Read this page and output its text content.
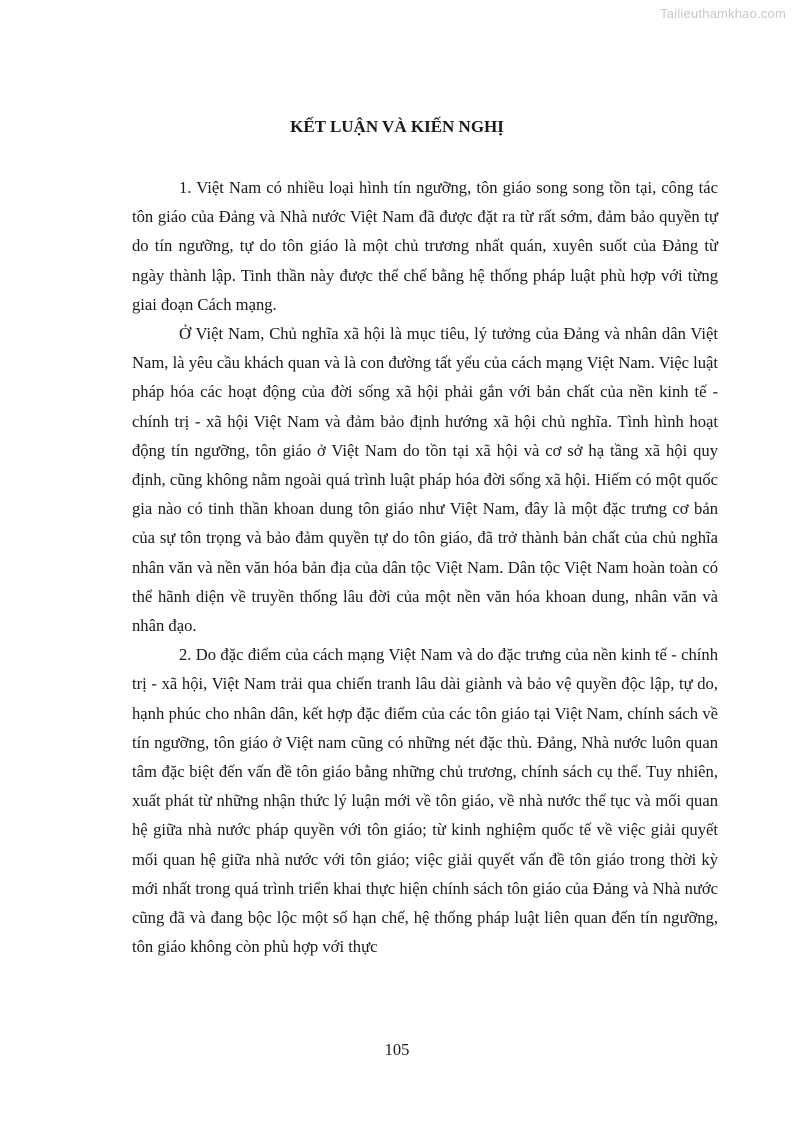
Tailieuthamkhao.com
KẾT LUẬN VÀ KIẾN NGHỊ

1. Việt Nam có nhiều loại hình tín ngưỡng, tôn giáo song song tồn tại, công tác tôn giáo của Đảng và Nhà nước Việt Nam đã được đặt ra từ rất sớm, đảm bảo quyền tự do tín ngưỡng, tự do tôn giáo là một chủ trương nhất quán, xuyên suốt của Đảng từ ngày thành lập. Tinh thần này được thể chế bằng hệ thống pháp luật phù hợp với từng giai đoạn Cách mạng.

Ở Việt Nam, Chủ nghĩa xã hội là mục tiêu, lý tưởng của Đảng và nhân dân Việt Nam, là yêu cầu khách quan và là con đường tất yếu của cách mạng Việt Nam. Việc luật pháp hóa các hoạt động của đời sống xã hội phải gắn với bản chất của nền kinh tế - chính trị - xã hội Việt Nam và đảm bảo định hướng xã hội chủ nghĩa. Tình hình hoạt động tín ngưỡng, tôn giáo ở Việt Nam do tồn tại xã hội và cơ sở hạ tầng xã hội quy định, cũng không nằm ngoài quá trình luật pháp hóa đời sống xã hội. Hiếm có một quốc gia nào có tinh thần khoan dung tôn giáo như Việt Nam, đây là một đặc trưng cơ bản của sự tôn trọng và bảo đảm quyền tự do tôn giáo, đã trở thành bản chất của chủ nghĩa nhân văn và nền văn hóa bản địa của dân tộc Việt Nam. Dân tộc Việt Nam hoàn toàn có thể hãnh diện về truyền thống lâu đời của một nền văn hóa khoan dung, nhân văn và nhân đạo.

2. Do đặc điểm của cách mạng Việt Nam và do đặc trưng của nền kinh tế - chính trị - xã hội, Việt Nam trải qua chiến tranh lâu dài giành và bảo vệ quyền độc lập, tự do, hạnh phúc cho nhân dân, kết hợp đặc điểm của các tôn giáo tại Việt Nam, chính sách về tín ngưỡng, tôn giáo ở Việt nam cũng có những nét đặc thù. Đảng, Nhà nước luôn quan tâm đặc biệt đến vấn đề tôn giáo bằng những chủ trương, chính sách cụ thể. Tuy nhiên, xuất phát từ những nhận thức lý luận mới về tôn giáo, về nhà nước thế tục và mối quan hệ giữa nhà nước pháp quyền với tôn giáo; từ kinh nghiệm quốc tế về việc giải quyết mối quan hệ giữa nhà nước với tôn giáo; việc giải quyết vấn đề tôn giáo trong thời kỳ mới nhất trong quá trình triển khai thực hiện chính sách tôn giáo của Đảng và Nhà nước cũng đã và đang bộc lộc một số hạn chế, hệ thống pháp luật liên quan đến tín ngưỡng, tôn giáo không còn phù hợp với thực

105
